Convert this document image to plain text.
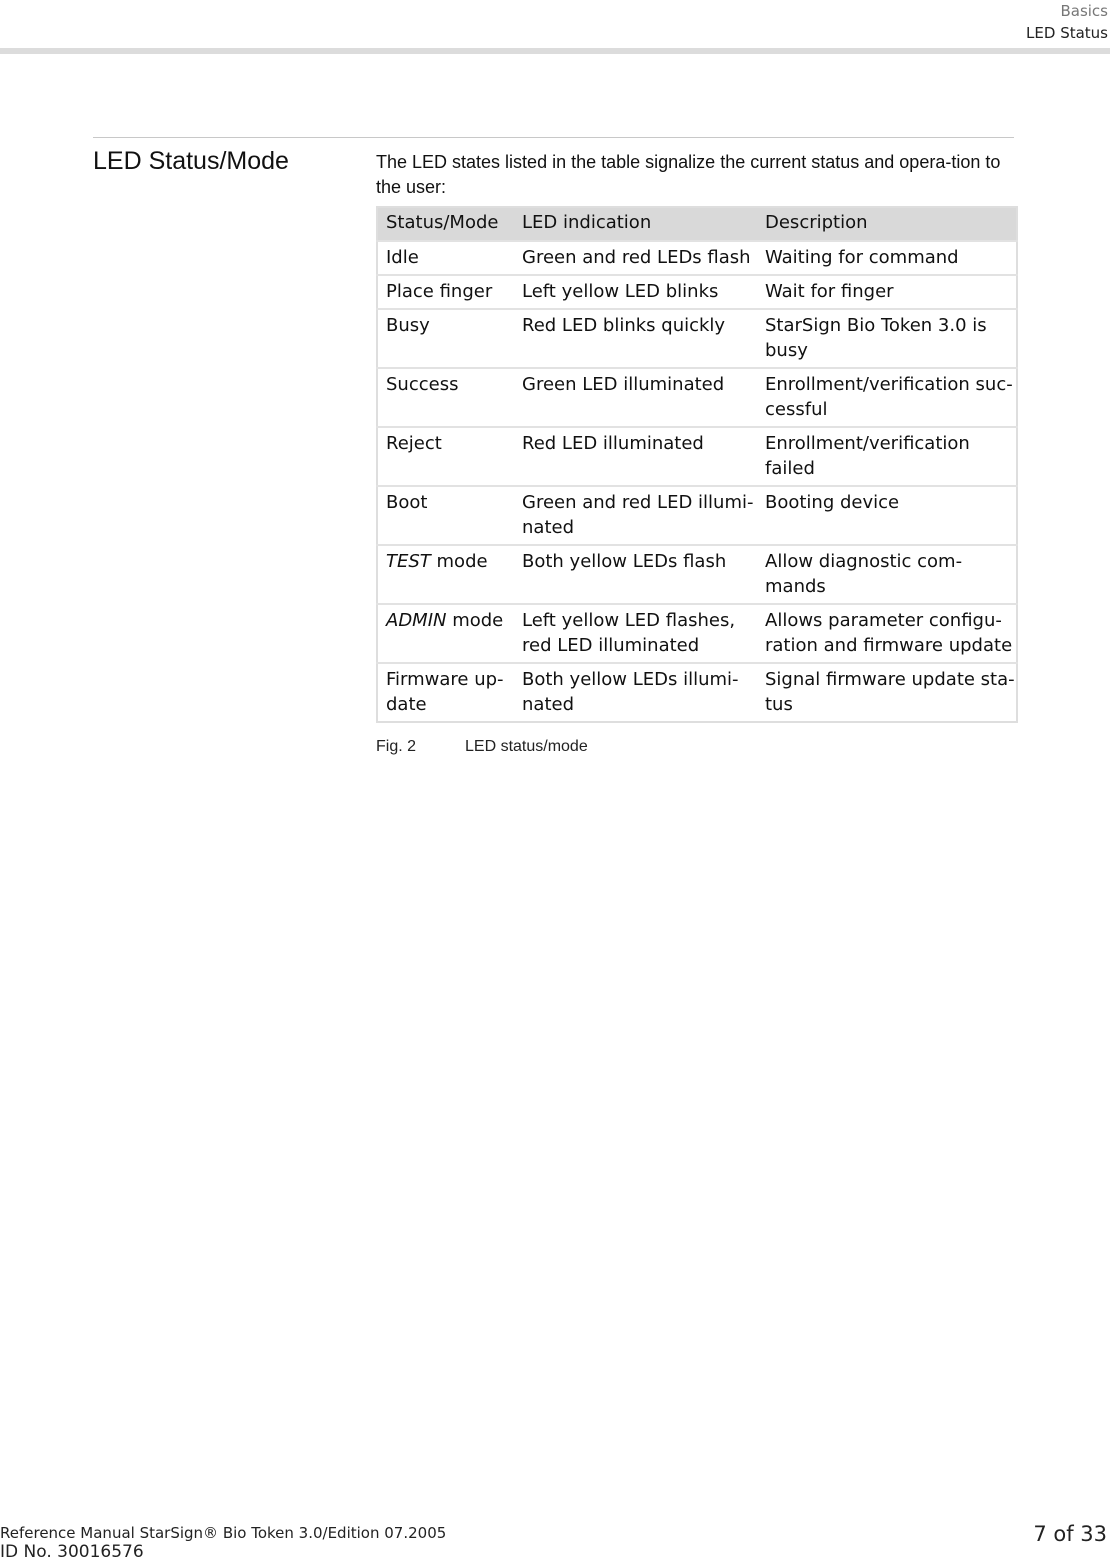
Basics
LED Status
LED Status/Mode	The LED states listed in the table signalize the current status and opera-tion to the user:
Status/Mode	LED indication	Description
Idle	Green and red LEDs flash	Waiting for command
Place finger	Left yellow LED blinks	Wait for finger
Busy	Red LED blinks quickly	StarSign Bio Token 3.0 is busy
Success	Green LED illuminated	Enrollment/verification suc-cessful
Reject	Red LED illuminated	Enrollment/verification failed
Boot	Green and red LED illumi-nated	Booting device
TEST mode	Both yellow LEDs flash	Allow diagnostic com-mands
ADMIN mode	Left yellow LED flashes, red LED illuminated	Allows parameter configu-ration and firmware update
Firmware up-date	Both yellow LEDs illumi-nated	Signal firmware update sta-tus
Fig. 2	LED status/mode
Reference Manual StarSign® Bio Token 3.0/Edition 07.2005
ID No. 30016576
7 of 33
